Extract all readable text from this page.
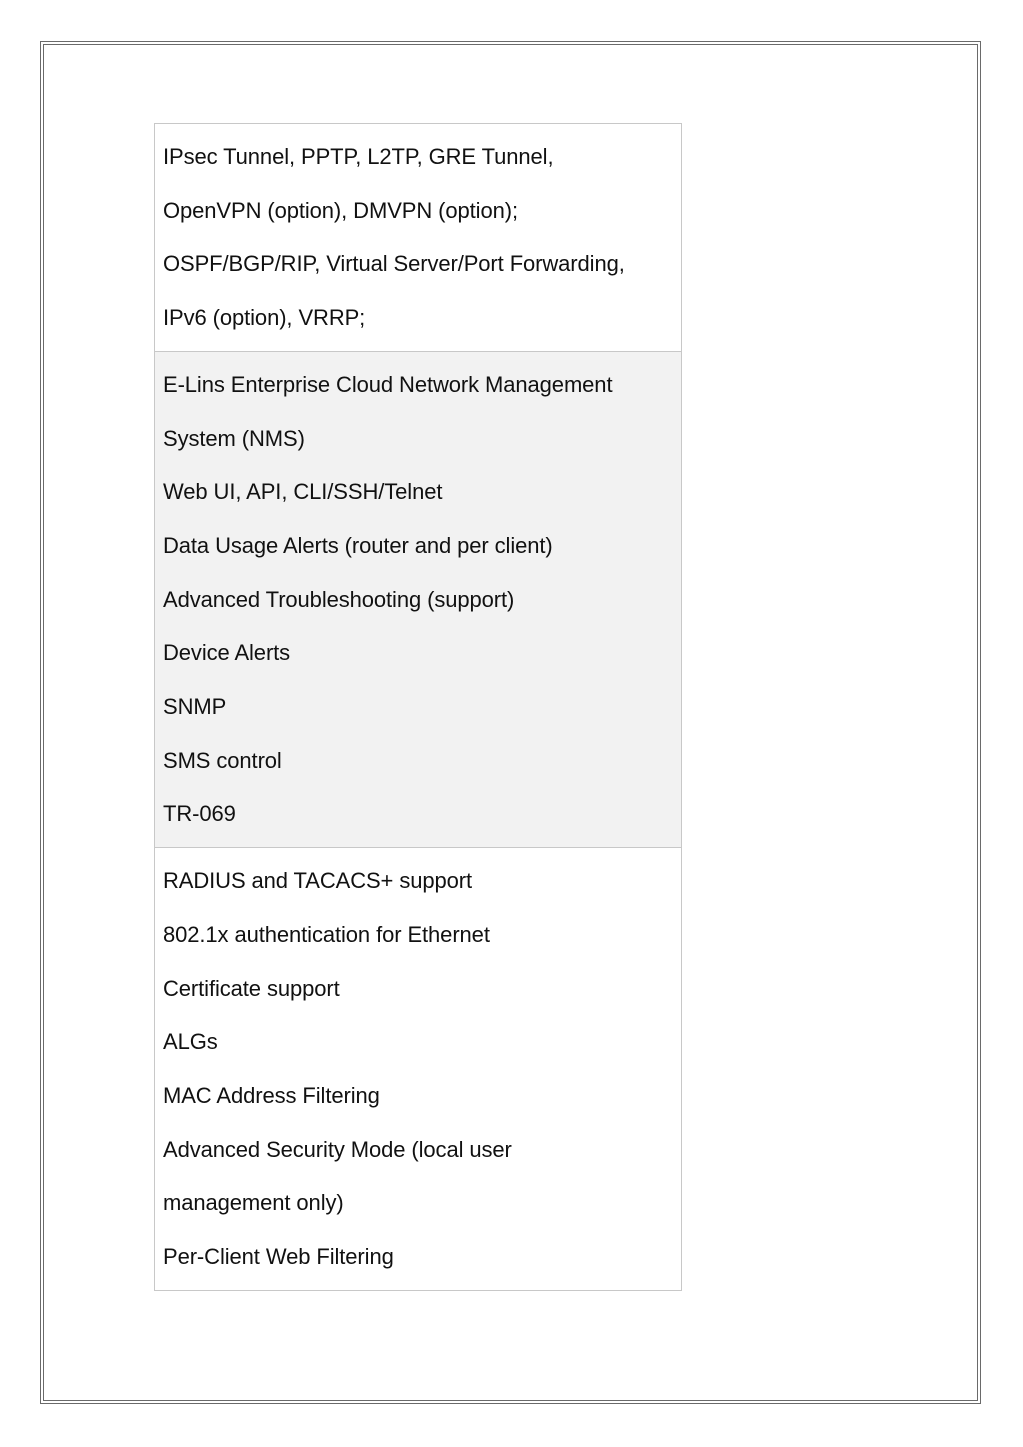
IPsec Tunnel, PPTP, L2TP, GRE Tunnel,
OpenVPN (option), DMVPN (option);
OSPF/BGP/RIP, Virtual Server/Port Forwarding,
IPv6 (option), VRRP;
E-Lins Enterprise Cloud Network Management
System (NMS)
Web UI, API, CLI/SSH/Telnet
Data Usage Alerts (router and per client)
Advanced Troubleshooting (support)
Device Alerts
SNMP
SMS control
TR-069
RADIUS and TACACS+ support
802.1x authentication for Ethernet
Certificate support
ALGs
MAC Address Filtering
Advanced Security Mode (local user
management only)
Per-Client Web Filtering
